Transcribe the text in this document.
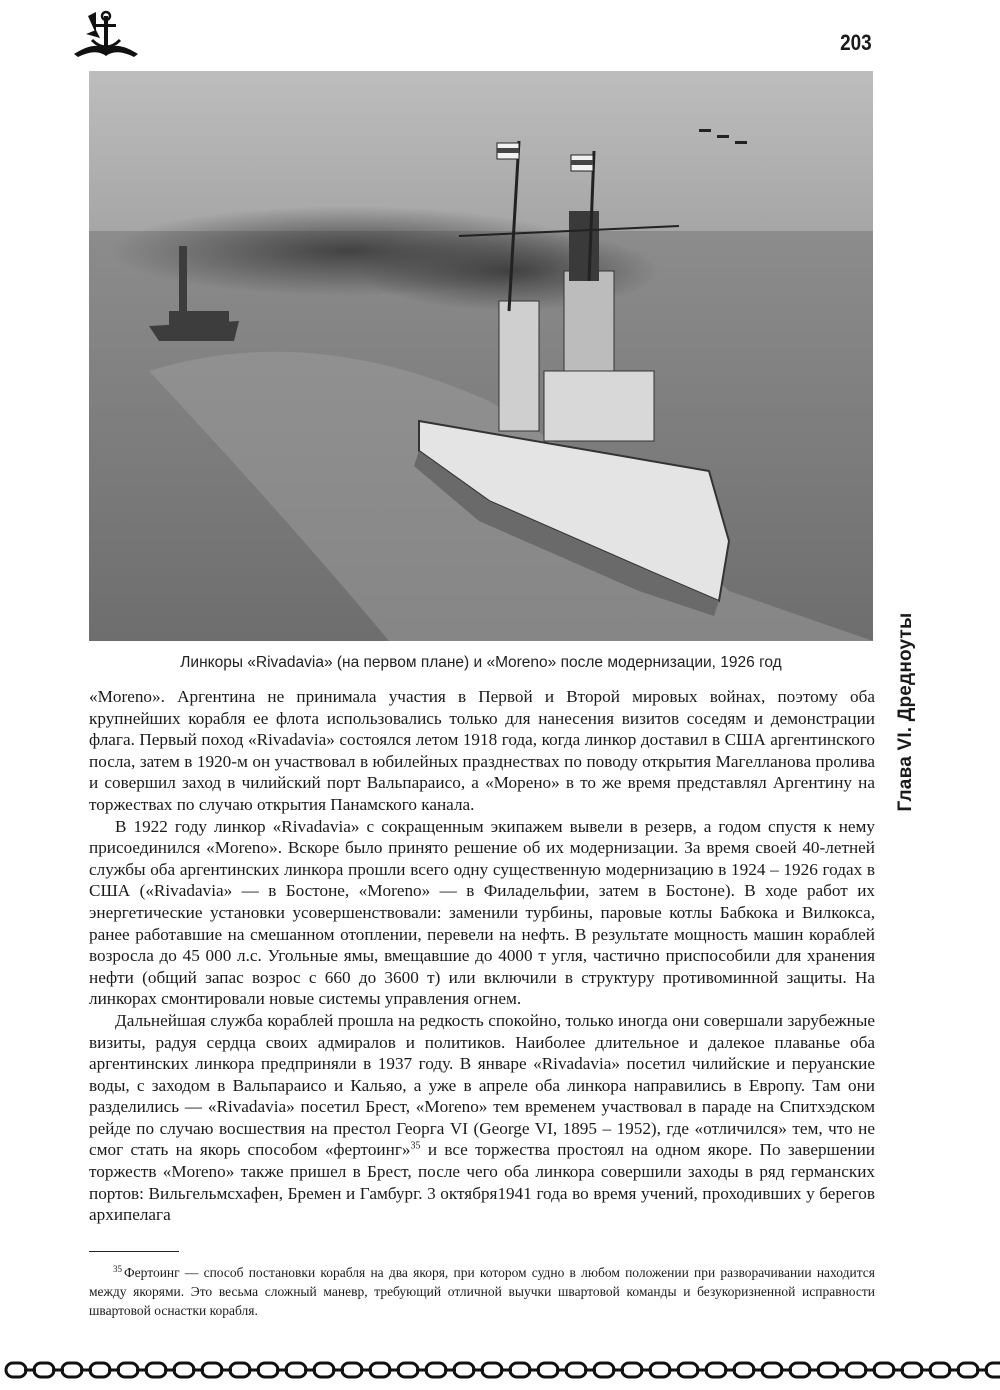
203
Линкоры «Rivadavia» (на первом плане) и «Moreno» после модернизации, 1926 год	Глава VI. Дредноуты

«Moreno». Аргентина не принимала участия в Первой и Второй мировых войнах, поэтому оба крупнейших корабля ее флота использовались только для нанесения визитов соседям и демонстрации флага. Первый поход «Rivadavia» состоялся летом 1918 года, когда линкор доставил в США аргентинского посла, затем в 1920-м он участвовал в юбилейных празднествах по поводу открытия Магелланова пролива и совершил заход в чилийский порт Вальпараисо, а «Морено» в то же время представлял Аргентину на торжествах по случаю открытия Панамского канала.

В 1922 году линкор «Rivadavia» с сокращенным экипажем вывели в резерв, а годом спустя к нему присоединился «Moreno». Вскоре было принято решение об их модернизации. За время своей 40-летней службы оба аргентинских линкора прошли всего одну существенную модернизацию в 1924 – 1926 годах в США («Rivadavia» — в Бостоне, «Moreno» — в Филадельфии, затем в Бостоне). В ходе работ их энергетические установки усовершенствовали: заменили турбины, паровые котлы Бабкока и Вилкокса, ранее работавшие на смешанном отоплении, перевели на нефть. В результате мощность машин кораблей возросла до 45 000 л.с. Угольные ямы, вмещавшие до 4000 т угля, частично приспособили для хранения нефти (общий запас возрос с 660 до 3600 т) или включили в структуру противоминной защиты. На линкорах смонтировали новые системы управления огнем.

Дальнейшая служба кораблей прошла на редкость спокойно, только иногда они совершали зарубежные визиты, радуя сердца своих адмиралов и политиков. Наиболее длительное и далекое плаванье оба аргентинских линкора предприняли в 1937 году. В январе «Rivadavia» посетил чилийские и перуанские воды, с заходом в Вальпараисо и Кальяо, а уже в апреле оба линкора направились в Европу. Там они разделились — «Rivadavia» посетил Брест, «Moreno» тем временем участвовал в параде на Спитхэдском рейде по случаю восшествия на престол Георга VI (George VI, 1895 – 1952), где «отличился» тем, что не смог стать на якорь способом «фертоинг»$^{35}$ и все торжества простоял на одном якоре. По завершении торжеств «Moreno» также пришел в Брест, после чего оба линкора совершили заходы в ряд германских портов: Вильгельмсхафен, Бремен и Гамбург. 3 октября1941 года во время учений, проходивших у берегов архипелага

$^{35}$ Фертоинг — способ постановки корабля на два якоря, при котором судно в любом положении при разворачивании находится между якорями. Это весьма сложный маневр, требующий отличной выучки швартовой команды и безукоризненной исправности швартовой оснастки корабля.
